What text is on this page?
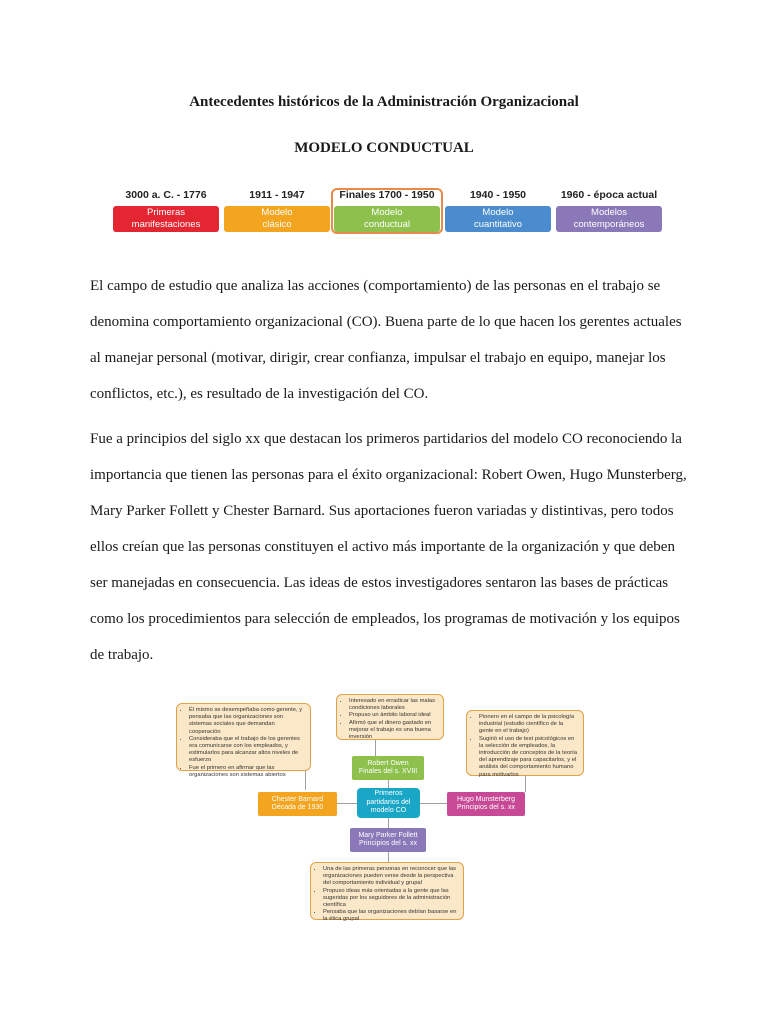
Antecedentes históricos de la Administración Organizacional
MODELO CONDUCTUAL
3000 a. C. - 1776
Primeras
manifestaciones
1911 - 1947
Modelo
clásico
Finales 1700 - 1950
Modelo
conductual
1940 - 1950
Modelo
cuantitativo
1960 - época actual
Modelos
contemporáneos
El campo de estudio que analiza las acciones (comportamiento) de las personas en el trabajo se denomina comportamiento organizacional (CO). Buena parte de lo que hacen los gerentes actuales al manejar personal (motivar, dirigir, crear confianza, impulsar el trabajo en equipo, manejar los conflictos, etc.), es resultado de la investigación del CO.
Fue a principios del siglo xx que destacan los primeros partidarios del modelo CO reconociendo la importancia que tienen las personas para el éxito organizacional: Robert Owen, Hugo Munsterberg, Mary Parker Follett y Chester Barnard. Sus aportaciones fueron variadas y distintivas, pero todos ellos creían que las personas constituyen el activo más importante de la organización y que deben ser manejadas en consecuencia. Las ideas de estos investigadores sentaron las bases de prácticas como los procedimientos para selección de empleados, los programas de motivación y los equipos de trabajo.
• Él mismo se desempeñaba como gerente, y pensaba que las organizaciones son sistemas sociales que demandan cooperación
• Consideraba que el trabajo de los gerentes era comunicarse con los empleados, y estimularlos para alcanzar altos niveles de esfuerzo
• Fue el primero en afirmar que las organizaciones son sistemas abiertos
• Interesado en erradicar las malas condiciones laborales
• Propuso un ámbito laboral ideal
• Afirmó que el dinero gastado en mejorar el trabajo es una buena inversión
• Pionero en el campo de la psicología industrial (estudio científico de la gente en el trabajo)
• Sugirió el uso de test psicológicos en la selección de empleados, la introducción de conceptos de la teoría del aprendizaje para capacitarlos, y el análisis del comportamiento humano para motivarlos
• Una de las primeras personas en reconocer que las organizaciones pueden verse desde la perspectiva del comportamiento individual y grupal
• Propuso ideas más orientadas a la gente que las sugeridas por los seguidores de la administración científica
• Pensaba que las organizaciones debían basarse en la ética grupal
Robert Owen
Finales del s. XVIII
Chester Barnard
Década de 1930
Primeros
partidarios del
modelo CO
Hugo Munsterberg
Principios del s. xx
Mary Parker Follett
Principios del s. xx
